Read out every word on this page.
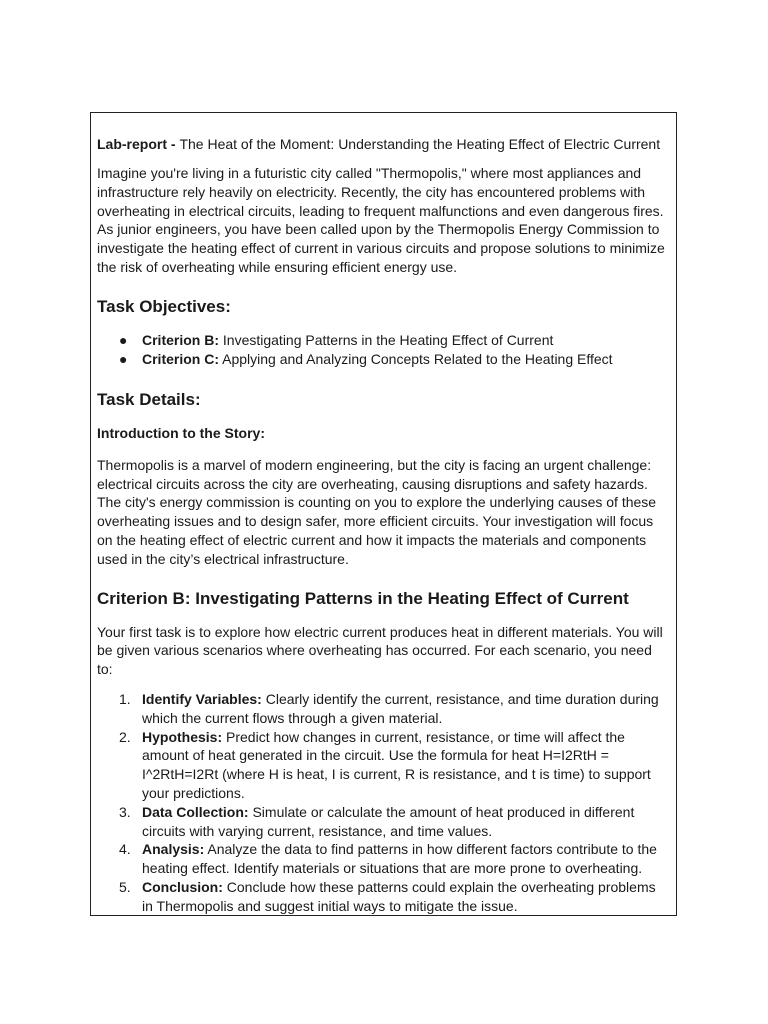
Lab-report - The Heat of the Moment: Understanding the Heating Effect of Electric Current

Imagine you're living in a futuristic city called "Thermopolis," where most appliances and infrastructure rely heavily on electricity. Recently, the city has encountered problems with overheating in electrical circuits, leading to frequent malfunctions and even dangerous fires. As junior engineers, you have been called upon by the Thermopolis Energy Commission to investigate the heating effect of current in various circuits and propose solutions to minimize the risk of overheating while ensuring efficient energy use.

Task Objectives:
● Criterion B: Investigating Patterns in the Heating Effect of Current
● Criterion C: Applying and Analyzing Concepts Related to the Heating Effect
Task Details:
Introduction to the Story:

Thermopolis is a marvel of modern engineering, but the city is facing an urgent challenge: electrical circuits across the city are overheating, causing disruptions and safety hazards. The city's energy commission is counting on you to explore the underlying causes of these overheating issues and to design safer, more efficient circuits. Your investigation will focus on the heating effect of electric current and how it impacts the materials and components used in the city’s electrical infrastructure.

Criterion B: Investigating Patterns in the Heating Effect of Current

Your first task is to explore how electric current produces heat in different materials. You will be given various scenarios where overheating has occurred. For each scenario, you need to:

1. Identify Variables: Clearly identify the current, resistance, and time duration during which the current flows through a given material.
2. Hypothesis: Predict how changes in current, resistance, or time will affect the amount of heat generated in the circuit. Use the formula for heat H=I2RtH = I^2RtH=I2Rt (where H is heat, I is current, R is resistance, and t is time) to support your predictions.
3. Data Collection: Simulate or calculate the amount of heat produced in different circuits with varying current, resistance, and time values.
4. Analysis: Analyze the data to find patterns in how different factors contribute to the heating effect. Identify materials or situations that are more prone to overheating.
5. Conclusion: Conclude how these patterns could explain the overheating problems in Thermopolis and suggest initial ways to mitigate the issue.
